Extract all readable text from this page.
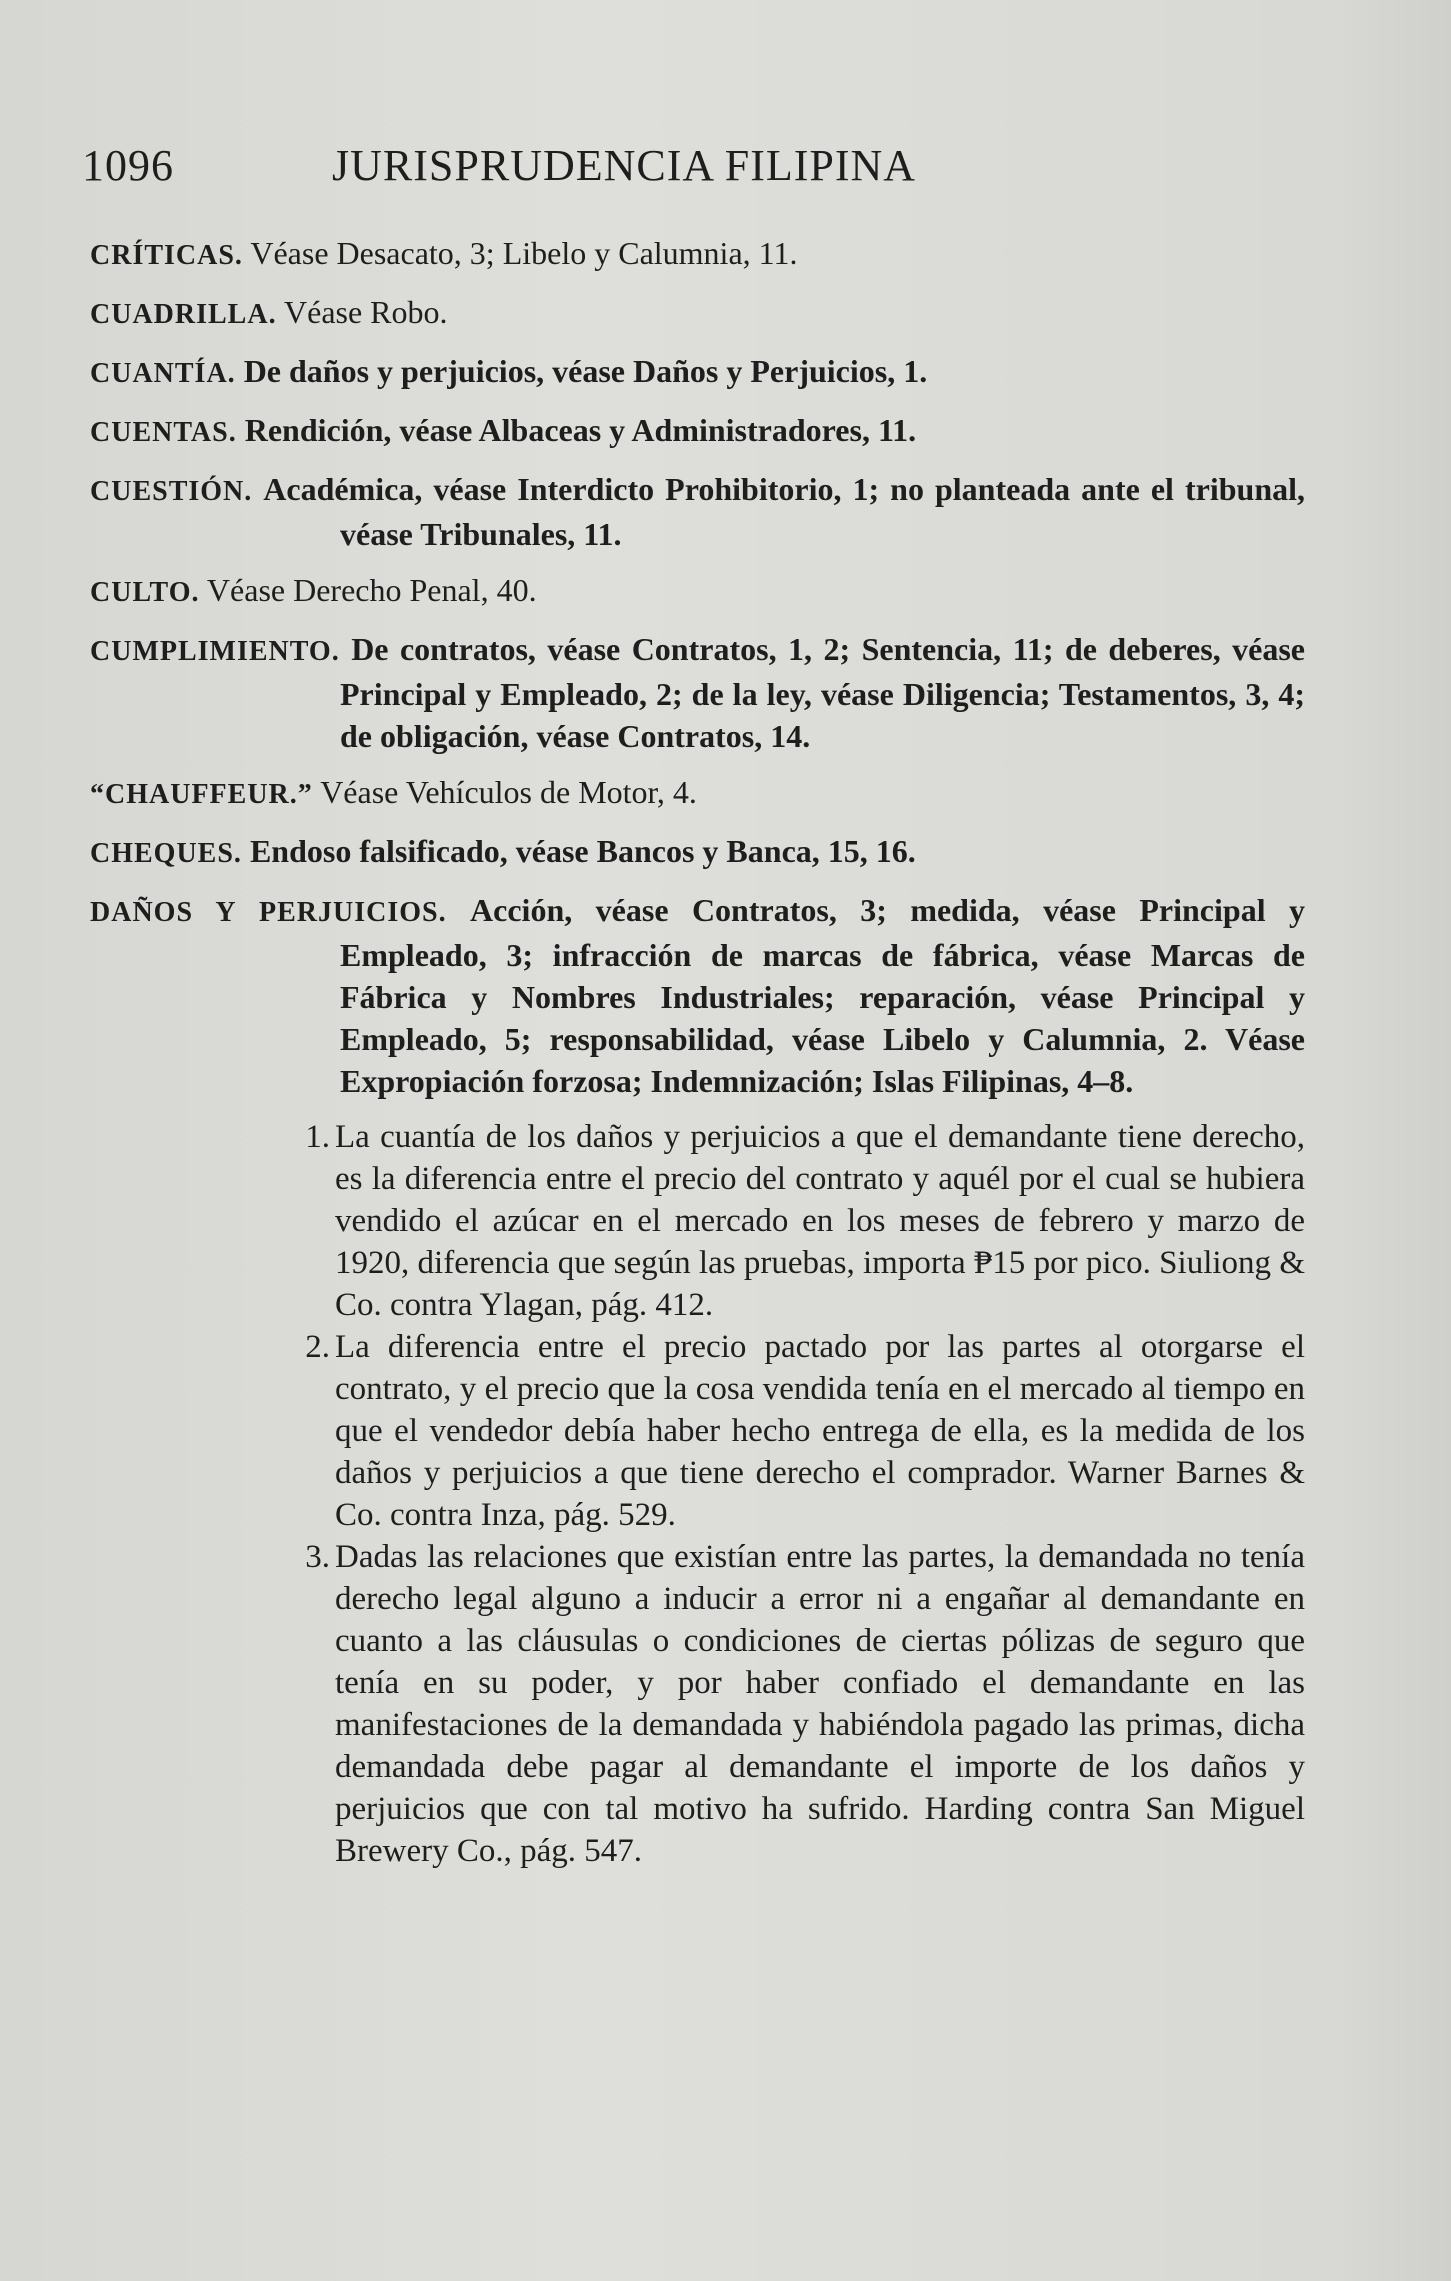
1096	JURISPRUDENCIA FILIPINA

CRÍTICAS. Véase Desacato, 3; Libelo y Calumnia, 11.

CUADRILLA. Véase Robo.

CUANTÍA. De daños y perjuicios, véase Daños y Perjuicios, 1.

CUENTAS. Rendición, véase Albaceas y Administradores, 11.

CUESTIÓN. Académica, véase Interdicto Prohibitorio, 1; no planteada ante el tribunal, véase Tribunales, 11.

CULTO. Véase Derecho Penal, 40.

CUMPLIMIENTO. De contratos, véase Contratos, 1, 2; Sentencia, 11; de deberes, véase Principal y Empleado, 2; de la ley, véase Diligencia; Testamentos, 3, 4; de obligación, véase Contratos, 14.

“CHAUFFEUR.” Véase Vehículos de Motor, 4.

CHEQUES. Endoso falsificado, véase Bancos y Banca, 15, 16.

DAÑOS Y PERJUICIOS. Acción, véase Contratos, 3; medida, véase Principal y Empleado, 3; infracción de marcas de fábrica, véase Marcas de Fábrica y Nombres Industriales; reparación, véase Principal y Empleado, 5; responsabilidad, véase Libelo y Calumnia, 2. Véase Expropiación forzosa; Indemnización; Islas Filipinas, 4–8.

1. La cuantía de los daños y perjuicios a que el demandante tiene derecho, es la diferencia entre el precio del contrato y aquél por el cual se hubiera vendido el azúcar en el mercado en los meses de febrero y marzo de 1920, diferencia que según las pruebas, importa ₱15 por pico. Siuliong & Co. contra Ylagan, pág. 412.

2. La diferencia entre el precio pactado por las partes al otorgarse el contrato, y el precio que la cosa vendida tenía en el mercado al tiempo en que el vendedor debía haber hecho entrega de ella, es la medida de los daños y perjuicios a que tiene derecho el comprador. Warner Barnes & Co. contra Inza, pág. 529.

3. Dadas las relaciones que existían entre las partes, la demandada no tenía derecho legal alguno a inducir a error ni a engañar al demandante en cuanto a las cláusulas o condiciones de ciertas pólizas de seguro que tenía en su poder, y por haber confiado el demandante en las manifestaciones de la demandada y habiéndola pagado las primas, dicha demandada debe pagar al demandante el importe de los daños y perjuicios que con tal motivo ha sufrido. Harding contra San Miguel Brewery Co., pág. 547.
